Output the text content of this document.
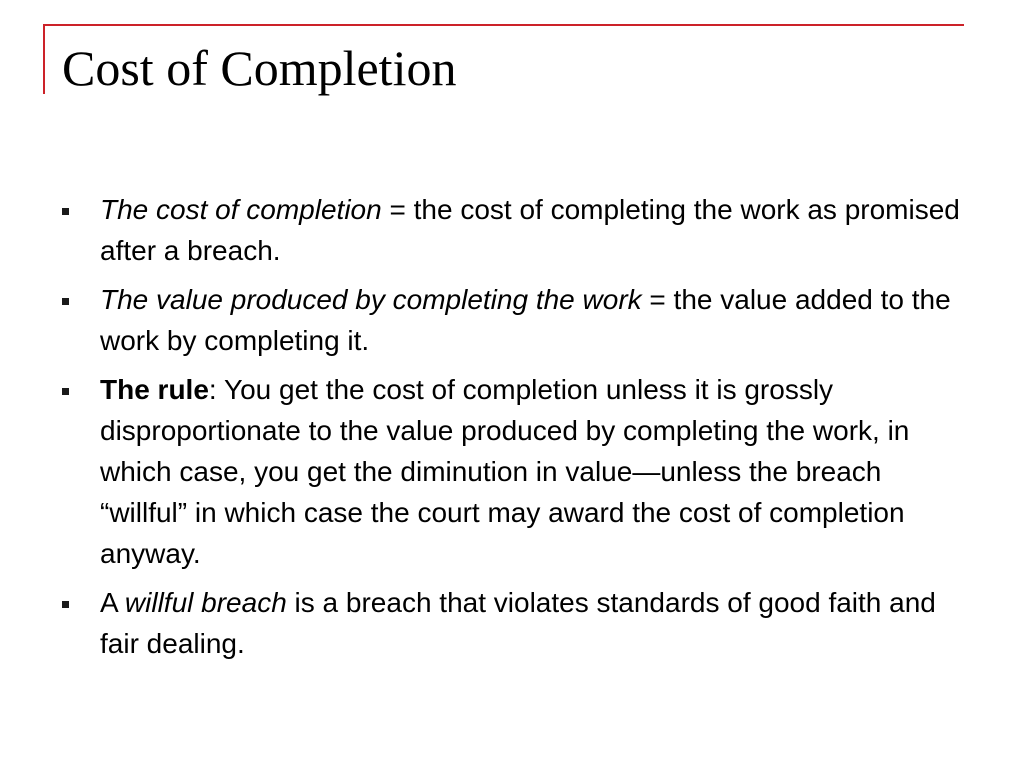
Cost of Completion
The cost of completion = the cost of completing the work as promised after a breach.
The value produced by completing the work = the value added to the work by completing it.
The rule: You get the cost of completion unless it is grossly disproportionate to the value produced by completing the work, in which case, you get the diminution in value—unless the breach “willful” in which case the court may award the cost of completion anyway.
A willful breach is a breach that violates standards of good faith and fair dealing.
